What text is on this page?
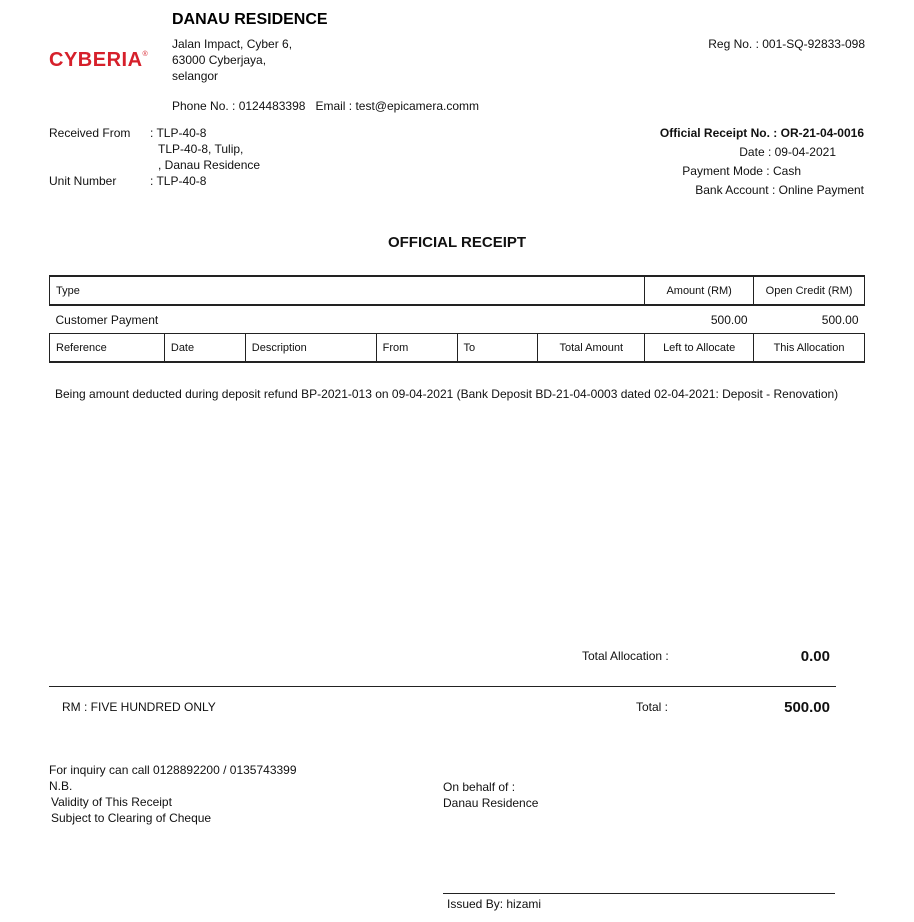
CYBERIA®
DANAU RESIDENCE
Jalan Impact, Cyber 6,
63000 Cyberjaya,
selangor
Reg No. : 001-SQ-92833-098
Phone No. : 0124483398   Email : test@epicamera.comm
Received From : TLP-40-8
TLP-40-8, Tulip,
, Danau Residence
Unit Number	: TLP-40-8
Official Receipt No. : OR-21-04-0016
Date : 09-04-2021
Payment Mode : Cash
Bank Account : Online Payment
OFFICIAL RECEIPT
Type						Amount (RM)	Open Credit (RM)
Customer Payment						500.00	500.00
Reference	Date	Description	From	To	Total Amount	Left to Allocate	This Allocation
Being amount deducted during deposit refund BP-2021-013 on 09-04-2021 (Bank Deposit BD-21-04-0003 dated 02-04-2021: Deposit - Renovation)
Total Allocation :	0.00
RM : FIVE HUNDRED ONLY	Total :	500.00
For inquiry can call 0128892200 / 0135743399
N.B.
Validity of This Receipt
Subject to Clearing of Cheque
On behalf of :
Danau Residence
Issued By: hizami
